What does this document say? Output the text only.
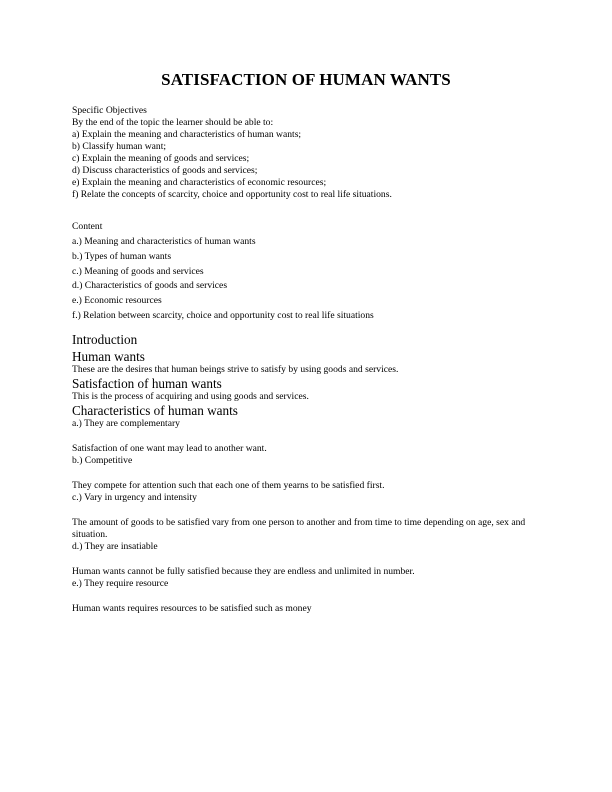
SATISFACTION OF HUMAN WANTS

Specific Objectives

By the end of the topic the learner should be able to:

a) Explain the meaning and characteristics of human wants;

b) Classify human want;

c) Explain the meaning of goods and services;

d) Discuss characteristics of goods and services;

e) Explain the meaning and characteristics of economic resources;

f) Relate the concepts of scarcity, choice and opportunity cost to real life situations.

Content

a.) Meaning and characteristics of human wants

b.) Types of human wants

c.) Meaning of goods and services

d.) Characteristics of goods and services

e.) Economic resources

f.) Relation between scarcity, choice and opportunity cost to real life situations

Introduction

Human wants

These are the desires that human beings strive to satisfy by using goods and services.

Satisfaction of human wants

This is the process of acquiring and using goods and services.

Characteristics of human wants

a.) They are complementary

Satisfaction of one want may lead to another want.

b.) Competitive

They compete for attention such that each one of them yearns to be satisfied first.

c.) Vary in urgency and intensity

The amount of goods to be satisfied vary from one person to another and from time to time depending on age, sex and situation.

d.) They are insatiable

Human wants cannot be fully satisfied because they are endless and unlimited in number.

e.) They require resource

Human wants requires resources to be satisfied such as money
